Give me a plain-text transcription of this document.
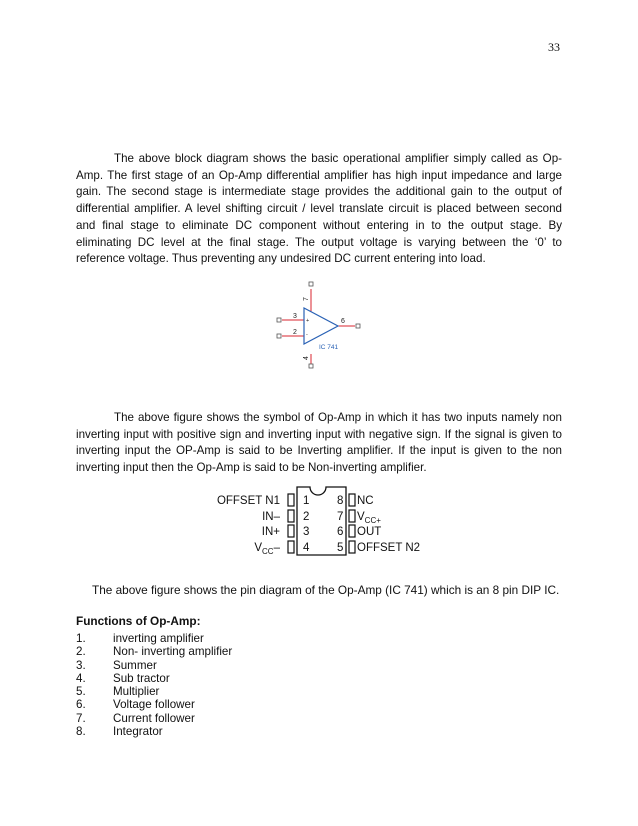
33

The above block diagram shows the basic operational amplifier simply called as Op-Amp. The first stage of an Op-Amp differential amplifier has high input impedance and large gain. The second stage is intermediate stage provides the additional gain to the output of differential amplifier. A level shifting circuit / level translate circuit is placed between second and final stage to eliminate DC component without entering in to the output stage. By eliminating DC level at the final stage. The output voltage is varying between the ‘0’ to reference voltage. Thus preventing any undesired DC current entering into load.

7
3
2
6
4
+
-
IC 741

The above figure shows the symbol of Op-Amp in which it has two inputs namely non inverting input with positive sign and inverting input with negative sign. If the signal is given to inverting input the OP-Amp is said to be Inverting amplifier. If the input is given to the non inverting input then the Op-Amp is said to be Non-inverting amplifier.

OFFSET N1
IN–
IN+
$V_{CC}-$
1
2
3
4
8
7
6
5
NC
$V_{CC+}$
OUT
OFFSET N2

The above figure shows the pin diagram of the Op-Amp (IC 741) which is an 8 pin DIP IC.

Functions of Op-Amp:

1. inverting amplifier
2. Non- inverting amplifier
3. Summer
4. Sub tractor
5. Multiplier
6. Voltage follower
7. Current follower
8. Integrator
